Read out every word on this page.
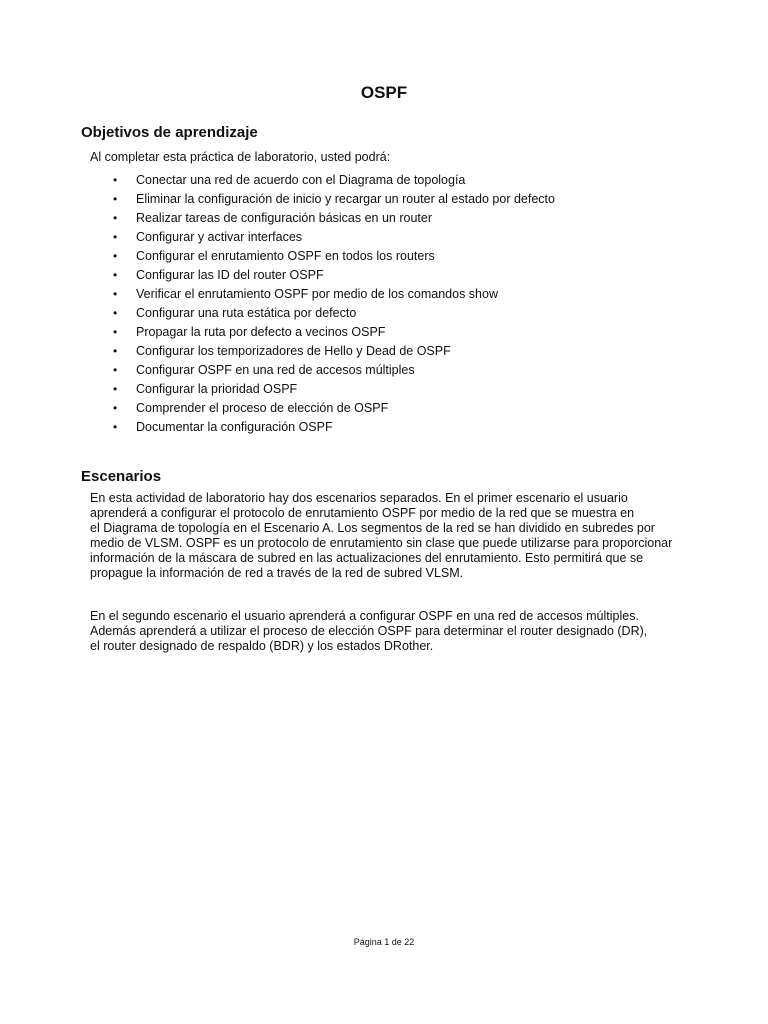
OSPF
Objetivos de aprendizaje

Al completar esta práctica de laboratorio, usted podrá:

• Conectar una red de acuerdo con el Diagrama de topología
• Eliminar la configuración de inicio y recargar un router al estado por defecto
• Realizar tareas de configuración básicas en un router
• Configurar y activar interfaces
• Configurar el enrutamiento OSPF en todos los routers
• Configurar las ID del router OSPF
• Verificar el enrutamiento OSPF por medio de los comandos show
• Configurar una ruta estática por defecto
• Propagar la ruta por defecto a vecinos OSPF
• Configurar los temporizadores de Hello y Dead de OSPF
• Configurar OSPF en una red de accesos múltiples
• Configurar la prioridad OSPF
• Comprender el proceso de elección de OSPF
• Documentar la configuración OSPF
Escenarios

En esta actividad de laboratorio hay dos escenarios separados. En el primer escenario el usuario
aprenderá a configurar el protocolo de enrutamiento OSPF por medio de la red que se muestra en
el Diagrama de topología en el Escenario A. Los segmentos de la red se han dividido en subredes por
medio de VLSM. OSPF es un protocolo de enrutamiento sin clase que puede utilizarse para proporcionar
información de la máscara de subred en las actualizaciones del enrutamiento. Esto permitirá que se
propague la información de red a través de la red de subred VLSM.

En el segundo escenario el usuario aprenderá a configurar OSPF en una red de accesos múltiples.
Además aprenderá a utilizar el proceso de elección OSPF para determinar el router designado (DR),
el router designado de respaldo (BDR) y los estados DRother.

Página 1 de 22
